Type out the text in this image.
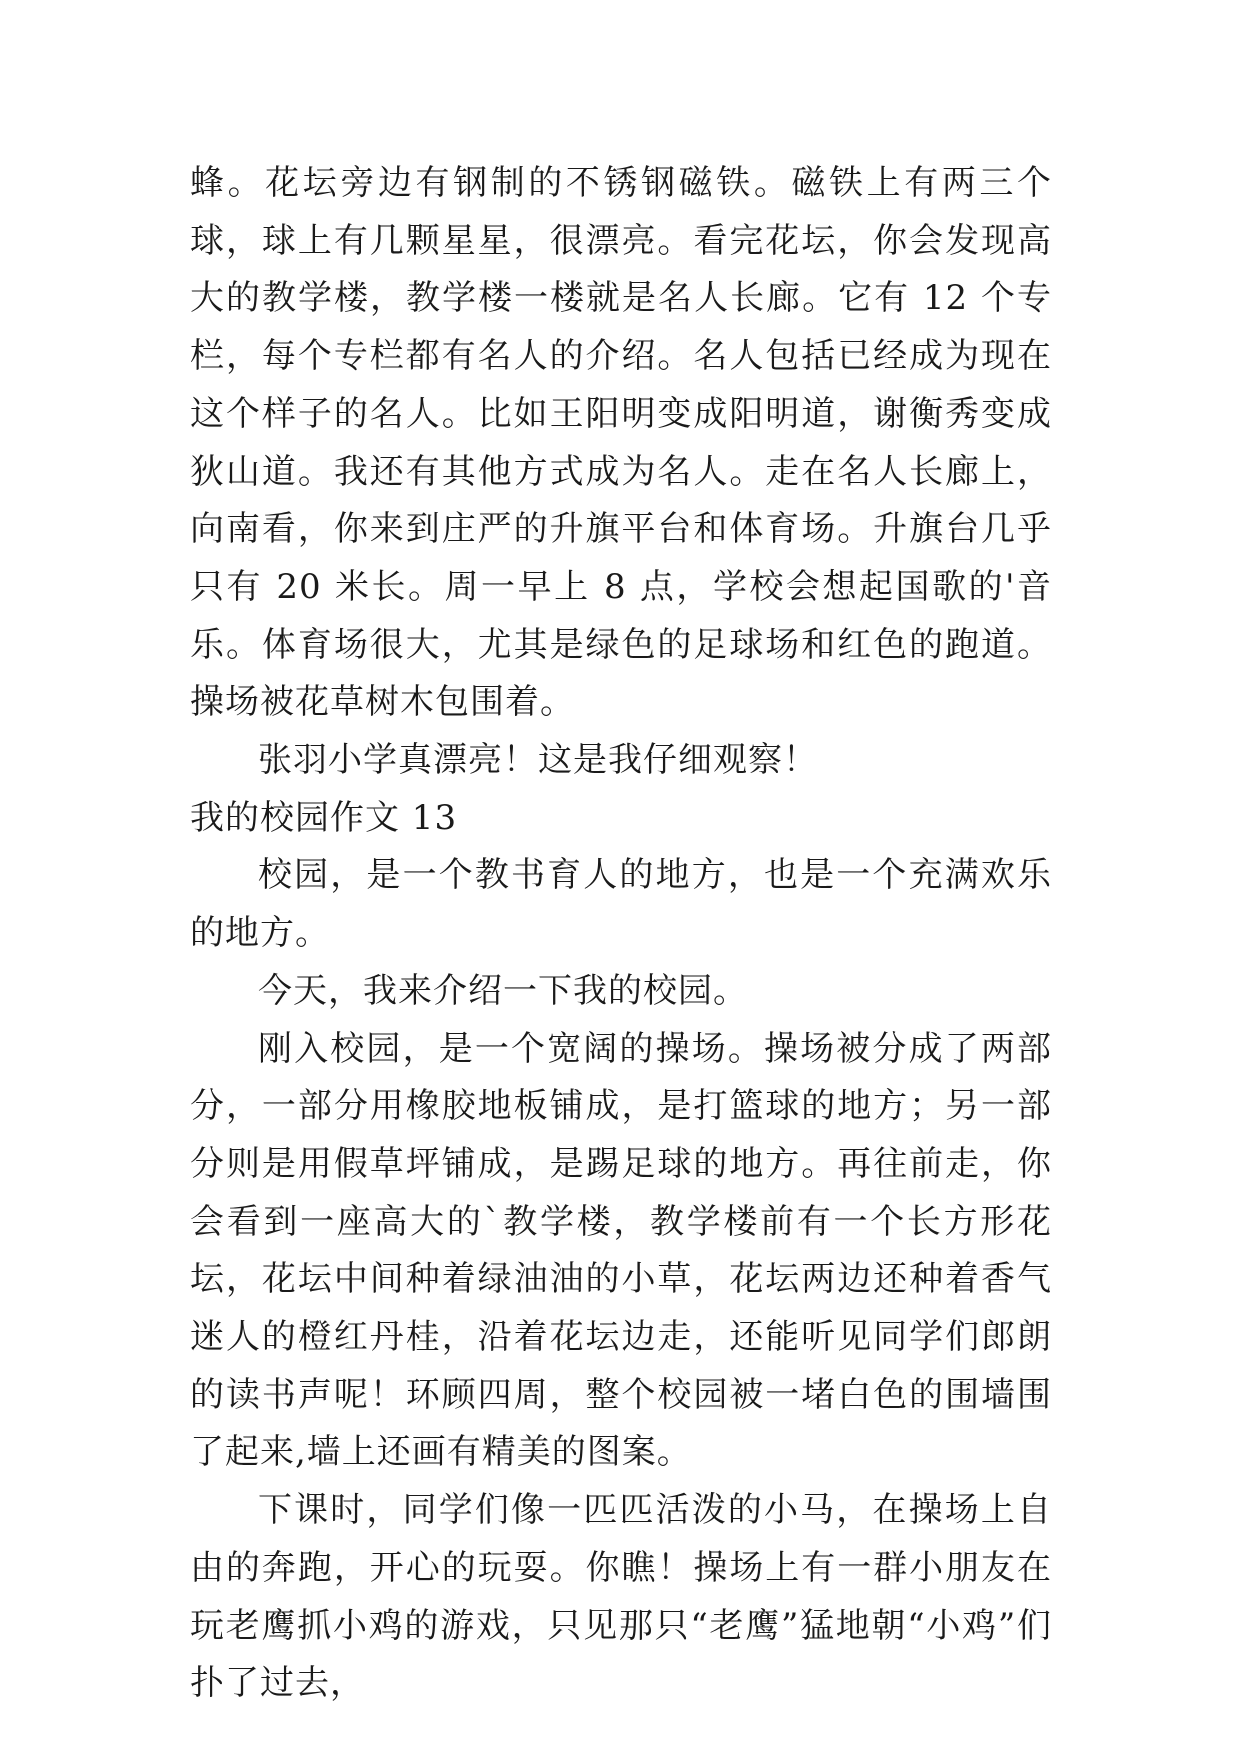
蜂。花坛旁边有钢制的不锈钢磁铁。磁铁上有两三个球，球上有几颗星星，很漂亮。看完花坛，你会发现高大的教学楼，教学楼一楼就是名人长廊。它有 12 个专栏，每个专栏都有名人的介绍。名人包括已经成为现在这个样子的名人。比如王阳明变成阳明道，谢衡秀变成狄山道。我还有其他方式成为名人。走在名人长廊上，向南看，你来到庄严的升旗平台和体育场。升旗台几乎只有 20 米长。周一早上 8 点，学校会想起国歌的'音乐。体育场很大，尤其是绿色的足球场和红色的跑道。操场被花草树木包围着。

张羽小学真漂亮！这是我仔细观察！

我的校园作文 13

校园，是一个教书育人的地方，也是一个充满欢乐的地方。

今天，我来介绍一下我的校园。

刚入校园，是一个宽阔的操场。操场被分成了两部分，一部分用橡胶地板铺成，是打篮球的地方；另一部分则是用假草坪铺成，是踢足球的地方。再往前走，你会看到一座高大的`教学楼，教学楼前有一个长方形花坛，花坛中间种着绿油油的小草，花坛两边还种着香气迷人的橙红丹桂，沿着花坛边走，还能听见同学们郎朗的读书声呢！环顾四周，整个校园被一堵白色的围墙围了起来,墙上还画有精美的图案。

下课时，同学们像一匹匹活泼的小马，在操场上自由的奔跑，开心的玩耍。你瞧！操场上有一群小朋友在玩老鹰抓小鸡的游戏，只见那只“老鹰”猛地朝“小鸡”们扑了过去，
